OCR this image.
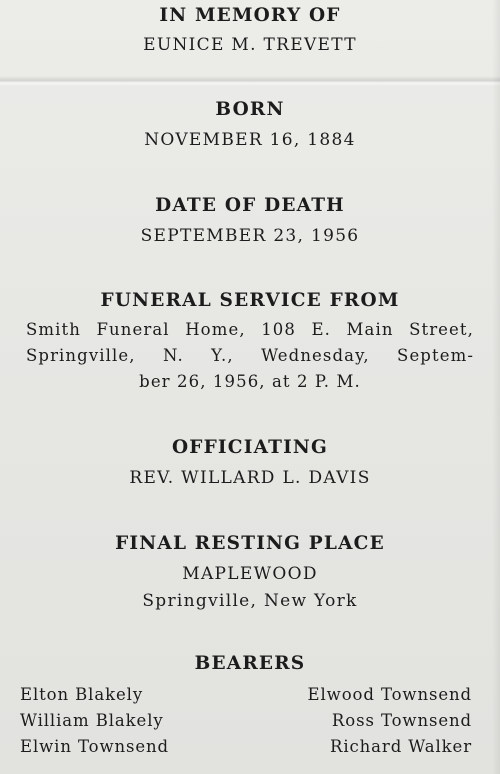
IN MEMORY OF
EUNICE M. TREVETT
BORN
NOVEMBER 16, 1884
DATE OF DEATH
SEPTEMBER 23, 1956
FUNERAL SERVICE FROM
Smith Funeral Home, 108 E. Main Street,
Springville, N. Y., Wednesday, Septem-
ber 26, 1956, at 2 P. M.
OFFICIATING
REV. WILLARD L. DAVIS
FINAL RESTING PLACE
MAPLEWOOD
Springville, New York
BEARERS
Elton Blakely
William Blakely
Elwin Townsend
Elwood Townsend
Ross Townsend
Richard Walker
